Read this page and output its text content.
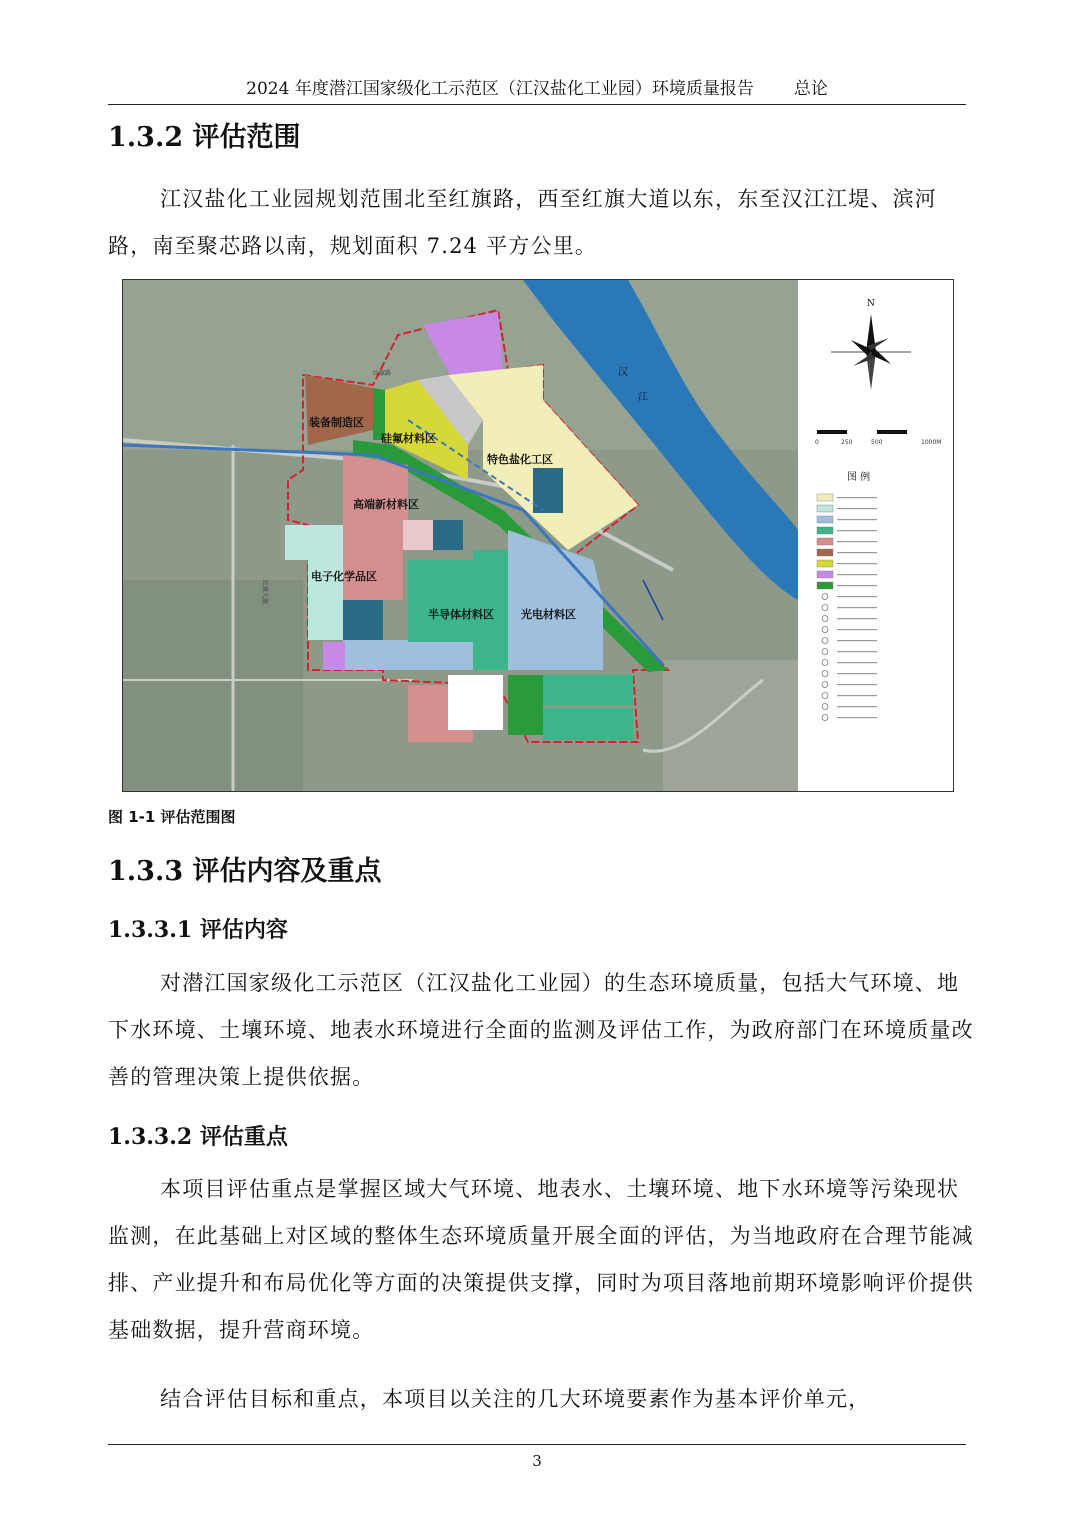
2024 年度潜江国家级化工示范区（江汉盐化工业园）环境质量报告 总论
1.3.2 评估范围

江汉盐化工业园规划范围北至红旗路，西至红旗大道以东，东至汉江江堤、滨河路，南至聚芯路以南，规划面积 7.24 平方公里。

汉
江
装备制造区
硅氟材料区
特色盐化工区
高端新材料区
电子化学品区
半导体材料区 光电材料区
红旗路
红旗大道
N
0	250	500	1000M
图 例
图 1-1 评估范围图
1.3.3 评估内容及重点
1.3.3.1 评估内容

对潜江国家级化工示范区（江汉盐化工业园）的生态环境质量，包括大气环境、地下水环境、土壤环境、地表水环境进行全面的监测及评估工作，为政府部门在环境质量改善的管理决策上提供依据。

1.3.3.2 评估重点

本项目评估重点是掌握区域大气环境、地表水、土壤环境、地下水环境等污染现状监测，在此基础上对区域的整体生态环境质量开展全面的评估，为当地政府在合理节能减排、产业提升和布局优化等方面的决策提供支撑，同时为项目落地前期环境影响评价提供基础数据，提升营商环境。

结合评估目标和重点，本项目以关注的几大环境要素作为基本评价单元，

3
